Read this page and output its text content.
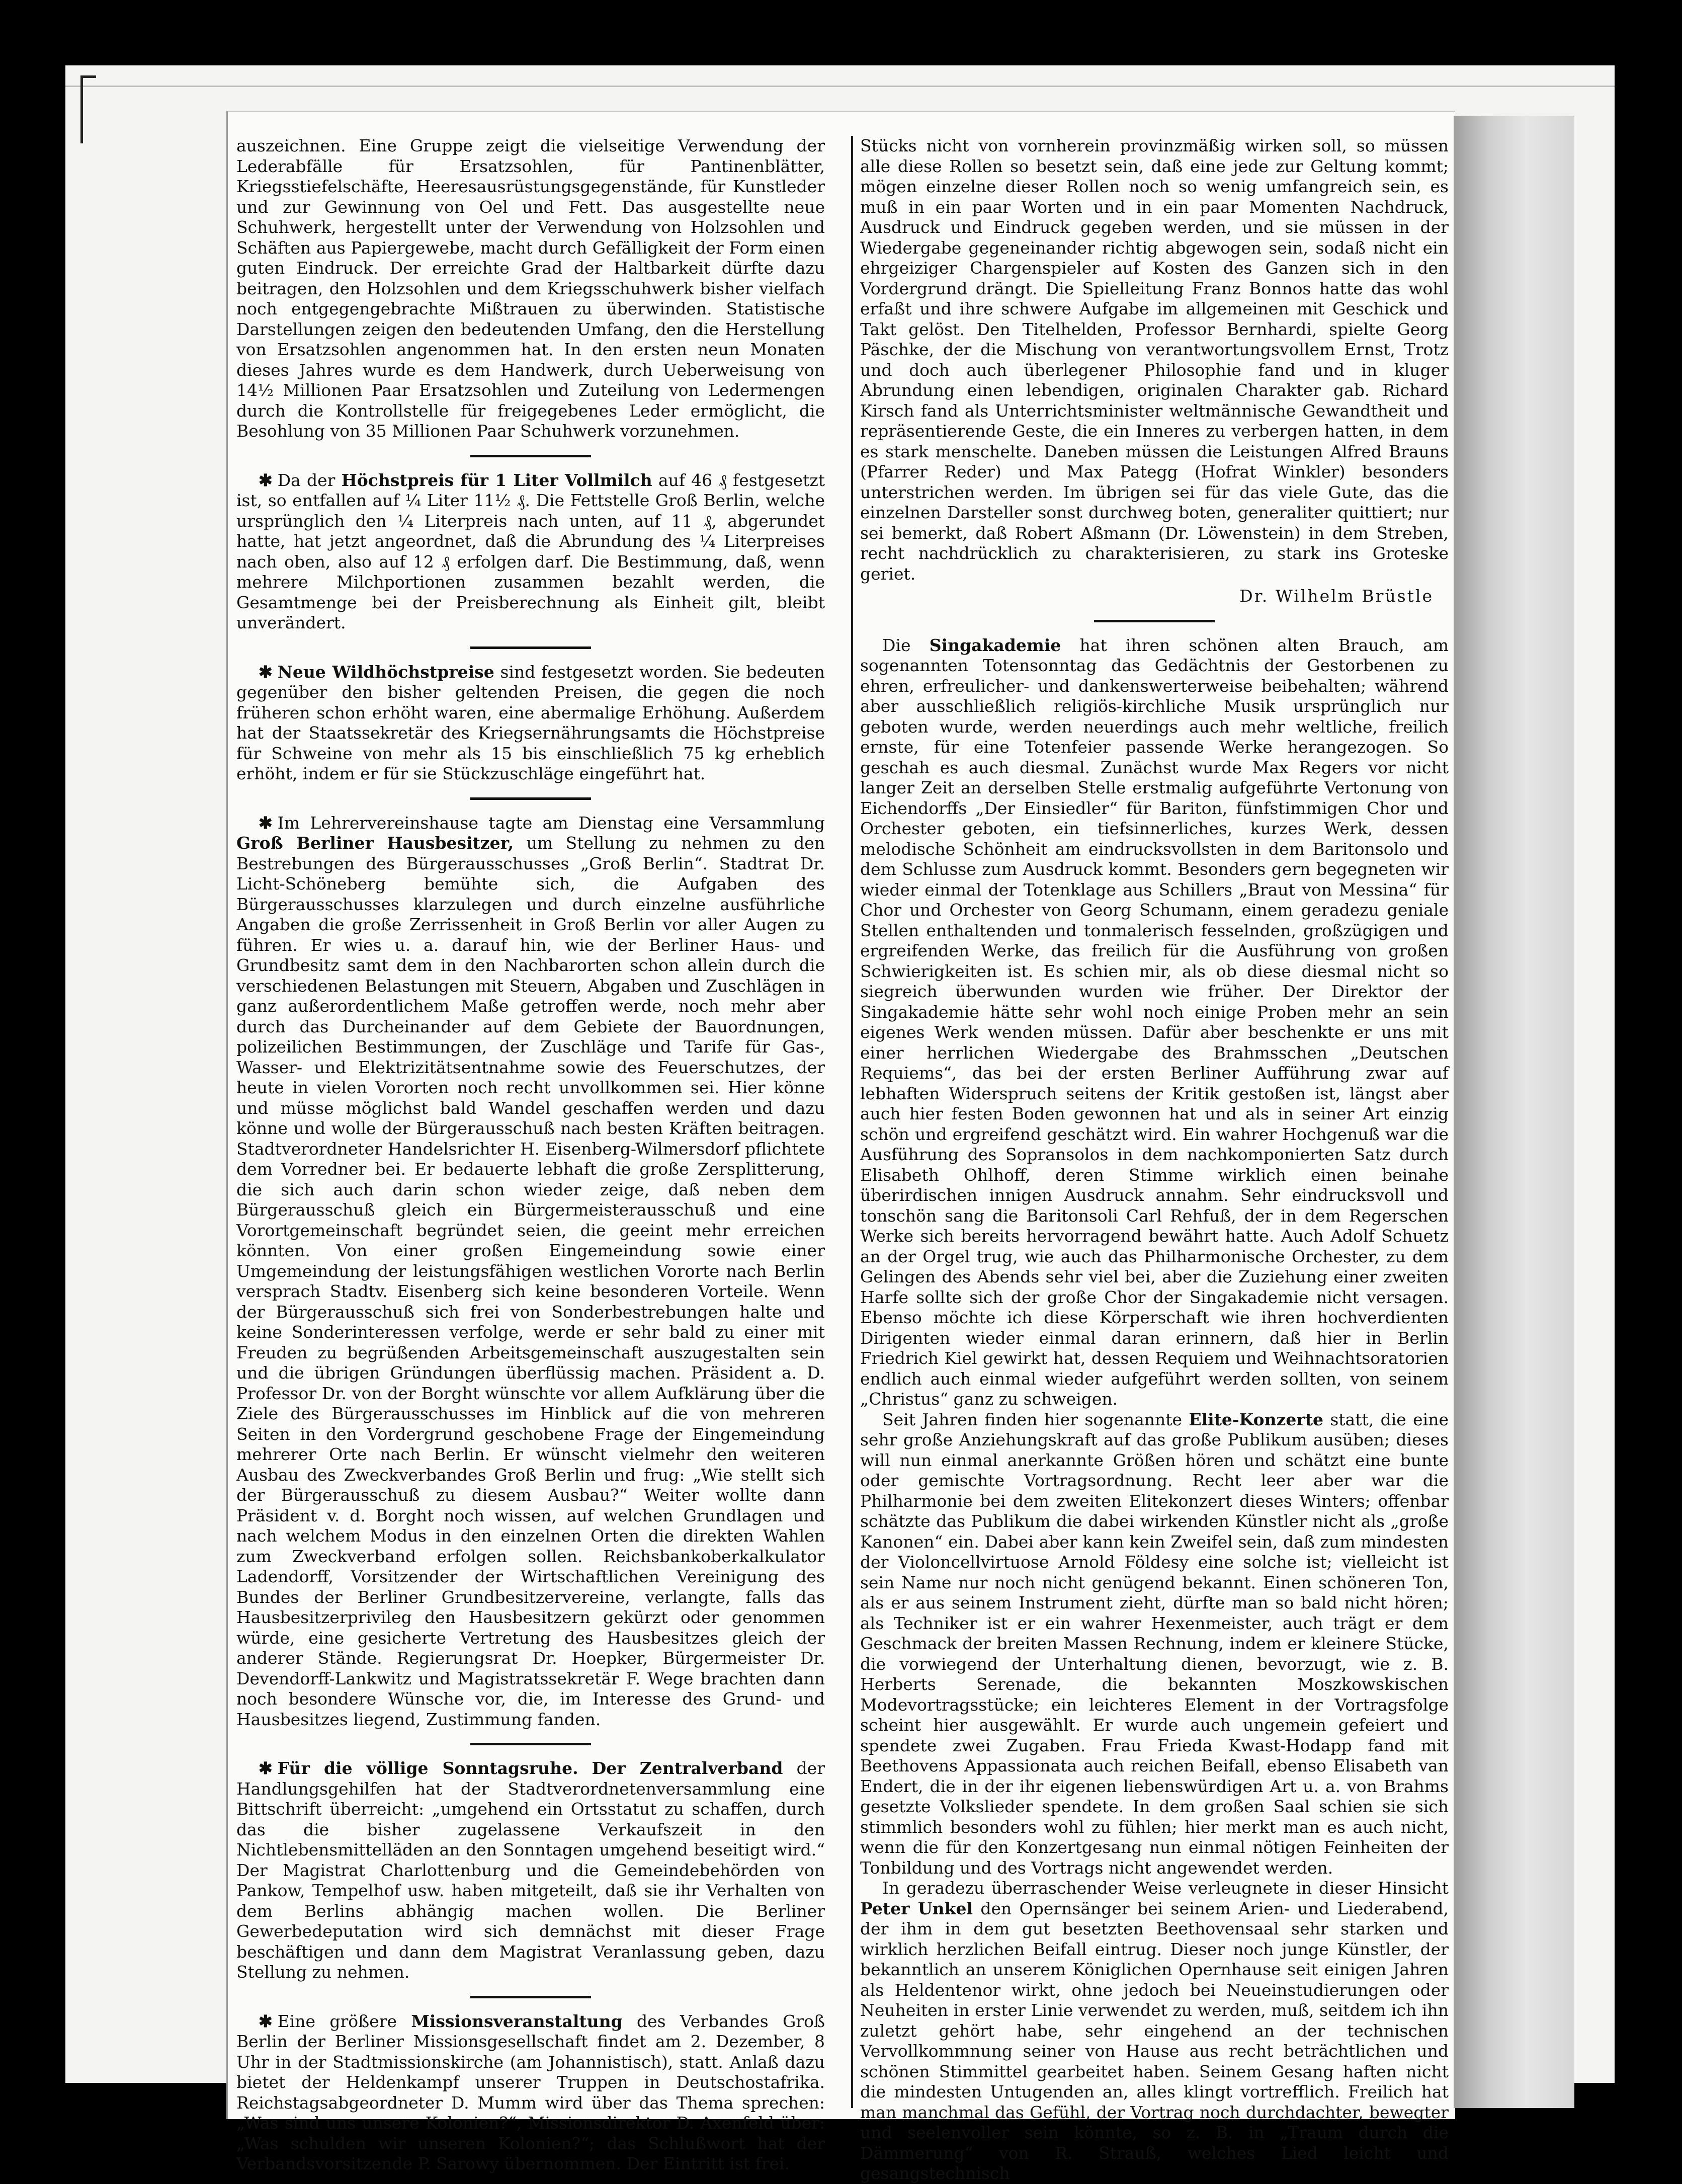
auszeichnen. Eine Gruppe zeigt die vielseitige Verwendung der Lederabfälle für Ersatzsohlen, für Pantinenblätter, Kriegsstiefelschäfte, Heeresausrüstungsgegenstände, für Kunstleder und zur Gewinnung von Oel und Fett. Das ausgestellte neue Schuhwerk, hergestellt unter der Verwendung von Holzsohlen und Schäften aus Papiergewebe, macht durch Gefälligkeit der Form einen guten Eindruck. Der erreichte Grad der Haltbarkeit dürfte dazu beitragen, den Holzsohlen und dem Kriegsschuhwerk bisher vielfach noch entgegengebrachte Mißtrauen zu überwinden. Statistische Darstellungen zeigen den bedeutenden Umfang, den die Herstellung von Ersatzsohlen angenommen hat. In den ersten neun Monaten dieses Jahres wurde es dem Handwerk, durch Ueberweisung von 14½ Millionen Paar Ersatzsohlen und Zuteilung von Ledermengen durch die Kontrollstelle für freigegebenes Leder ermöglicht, die Besohlung von 35 Millionen Paar Schuhwerk vorzunehmen.

✱ Da der Höchstpreis für 1 Liter Vollmilch auf 46 ₰ festgesetzt ist, so entfallen auf ¼ Liter 11½ ₰. Die Fettstelle Groß Berlin, welche ursprünglich den ¼ Literpreis nach unten, auf 11 ₰, abgerundet hatte, hat jetzt angeordnet, daß die Abrundung des ¼ Literpreises nach oben, also auf 12 ₰ erfolgen darf. Die Bestimmung, daß, wenn mehrere Milchportionen zusammen bezahlt werden, die Gesamtmenge bei der Preisberechnung als Einheit gilt, bleibt unverändert.

✱ Neue Wildhöchstpreise sind festgesetzt worden. Sie bedeuten gegenüber den bisher geltenden Preisen, die gegen die noch früheren schon erhöht waren, eine abermalige Erhöhung. Außerdem hat der Staatssekretär des Kriegsernährungsamts die Höchstpreise für Schweine von mehr als 15 bis einschließlich 75 kg erheblich erhöht, indem er für sie Stückzuschläge eingeführt hat.

✱ Im Lehrervereinshause tagte am Dienstag eine Versammlung Groß Berliner Hausbesitzer, um Stellung zu nehmen zu den Bestrebungen des Bürgerausschusses „Groß Berlin“. Stadtrat Dr. Licht-Schöneberg bemühte sich, die Aufgaben des Bürgerausschusses klarzulegen und durch einzelne ausführliche Angaben die große Zerrissenheit in Groß Berlin vor aller Augen zu führen. Er wies u. a. darauf hin, wie der Berliner Haus- und Grundbesitz samt dem in den Nachbarorten schon allein durch die verschiedenen Belastungen mit Steuern, Abgaben und Zuschlägen in ganz außerordentlichem Maße getroffen werde, noch mehr aber durch das Durcheinander auf dem Gebiete der Bauordnungen, polizeilichen Bestimmungen, der Zuschläge und Tarife für Gas-, Wasser- und Elektrizitätsentnahme sowie des Feuerschutzes, der heute in vielen Vororten noch recht unvollkommen sei. Hier könne und müsse möglichst bald Wandel geschaffen werden und dazu könne und wolle der Bürgerausschuß nach besten Kräften beitragen. Stadtverordneter Handelsrichter H. Eisenberg-Wilmersdorf pflichtete dem Vorredner bei. Er bedauerte lebhaft die große Zersplitterung, die sich auch darin schon wieder zeige, daß neben dem Bürgerausschuß gleich ein Bürgermeisterausschuß und eine Vorortgemeinschaft begründet seien, die geeint mehr erreichen könnten. Von einer großen Eingemeindung sowie einer Umgemeindung der leistungsfähigen westlichen Vororte nach Berlin versprach Stadtv. Eisenberg sich keine besonderen Vorteile. Wenn der Bürgerausschuß sich frei von Sonderbestrebungen halte und keine Sonderinteressen verfolge, werde er sehr bald zu einer mit Freuden zu begrüßenden Arbeitsgemeinschaft auszugestalten sein und die übrigen Gründungen überflüssig machen. Präsident a. D. Professor Dr. von der Borght wünschte vor allem Aufklärung über die Ziele des Bürgerausschusses im Hinblick auf die von mehreren Seiten in den Vordergrund geschobene Frage der Eingemeindung mehrerer Orte nach Berlin. Er wünscht vielmehr den weiteren Ausbau des Zweckverbandes Groß Berlin und frug: „Wie stellt sich der Bürgerausschuß zu diesem Ausbau?“ Weiter wollte dann Präsident v. d. Borght noch wissen, auf welchen Grundlagen und nach welchem Modus in den einzelnen Orten die direkten Wahlen zum Zweckverband erfolgen sollen. Reichsbankoberkalkulator Ladendorff, Vorsitzender der Wirtschaftlichen Vereinigung des Bundes der Berliner Grundbesitzervereine, verlangte, falls das Hausbesitzerprivileg den Hausbesitzern gekürzt oder genommen würde, eine gesicherte Vertretung des Hausbesitzes gleich der anderer Stände. Regierungsrat Dr. Hoepker, Bürgermeister Dr. Devendorff-Lankwitz und Magistratssekretär F. Wege brachten dann noch besondere Wünsche vor, die, im Interesse des Grund- und Hausbesitzes liegend, Zustimmung fanden.

✱ Für die völlige Sonntagsruhe. Der Zentralverband der Handlungsgehilfen hat der Stadtverordnetenversammlung eine Bittschrift überreicht: „umgehend ein Ortsstatut zu schaffen, durch das die bisher zugelassene Verkaufszeit in den Nichtlebensmittelläden an den Sonntagen umgehend beseitigt wird.“ Der Magistrat Charlottenburg und die Gemeindebehörden von Pankow, Tempelhof usw. haben mitgeteilt, daß sie ihr Verhalten von dem Berlins abhängig machen wollen. Die Berliner Gewerbedeputation wird sich demnächst mit dieser Frage beschäftigen und dann dem Magistrat Veranlassung geben, dazu Stellung zu nehmen.

✱ Eine größere Missionsveranstaltung des Verbandes Groß Berlin der Berliner Missionsgesellschaft findet am 2. Dezember, 8 Uhr in der Stadtmissionskirche (am Johannistisch), statt. Anlaß dazu bietet der Heldenkampf unserer Truppen in Deutschostafrika. Reichstagsabgeordneter D. Mumm wird über das Thema sprechen: „Was sind uns unsere Kolonien?“, Missionsdirektor D. Axenfeld über: „Was schulden wir unseren Kolonien?“; das Schlußwort hat der Verbandsvorsitzende P. Sarowy übernommen. Der Eintritt ist frei.

Stücks nicht von vornherein provinzmäßig wirken soll, so müssen alle diese Rollen so besetzt sein, daß eine jede zur Geltung kommt; mögen einzelne dieser Rollen noch so wenig umfangreich sein, es muß in ein paar Worten und in ein paar Momenten Nachdruck, Ausdruck und Eindruck gegeben werden, und sie müssen in der Wiedergabe gegeneinander richtig abgewogen sein, sodaß nicht ein ehrgeiziger Chargenspieler auf Kosten des Ganzen sich in den Vordergrund drängt. Die Spielleitung Franz Bonnos hatte das wohl erfaßt und ihre schwere Aufgabe im allgemeinen mit Geschick und Takt gelöst. Den Titelhelden, Professor Bernhardi, spielte Georg Päschke, der die Mischung von verantwortungsvollem Ernst, Trotz und doch auch überlegener Philosophie fand und in kluger Abrundung einen lebendigen, originalen Charakter gab. Richard Kirsch fand als Unterrichtsminister weltmännische Gewandtheit und repräsentierende Geste, die ein Inneres zu verbergen hatten, in dem es stark menschelte. Daneben müssen die Leistungen Alfred Brauns (Pfarrer Reder) und Max Pategg (Hofrat Winkler) besonders unterstrichen werden. Im übrigen sei für das viele Gute, das die einzelnen Darsteller sonst durchweg boten, generaliter quittiert; nur sei bemerkt, daß Robert Aßmann (Dr. Löwenstein) in dem Streben, recht nachdrücklich zu charakterisieren, zu stark ins Groteske geriet.

Dr. Wilhelm Brüstle

Die Singakademie hat ihren schönen alten Brauch, am sogenannten Totensonntag das Gedächtnis der Gestorbenen zu ehren, erfreulicher- und dankenswerterweise beibehalten; während aber ausschließlich religiös-kirchliche Musik ursprünglich nur geboten wurde, werden neuerdings auch mehr weltliche, freilich ernste, für eine Totenfeier passende Werke herangezogen. So geschah es auch diesmal. Zunächst wurde Max Regers vor nicht langer Zeit an derselben Stelle erstmalig aufgeführte Vertonung von Eichendorffs „Der Einsiedler“ für Bariton, fünfstimmigen Chor und Orchester geboten, ein tiefsinnerliches, kurzes Werk, dessen melodische Schönheit am eindrucksvollsten in dem Baritonsolo und dem Schlusse zum Ausdruck kommt. Besonders gern begegneten wir wieder einmal der Totenklage aus Schillers „Braut von Messina“ für Chor und Orchester von Georg Schumann, einem geradezu geniale Stellen enthaltenden und tonmalerisch fesselnden, großzügigen und ergreifenden Werke, das freilich für die Ausführung von großen Schwierigkeiten ist. Es schien mir, als ob diese diesmal nicht so siegreich überwunden wurden wie früher. Der Direktor der Singakademie hätte sehr wohl noch einige Proben mehr an sein eigenes Werk wenden müssen. Dafür aber beschenkte er uns mit einer herrlichen Wiedergabe des Brahmsschen „Deutschen Requiems“, das bei der ersten Berliner Aufführung zwar auf lebhaften Widerspruch seitens der Kritik gestoßen ist, längst aber auch hier festen Boden gewonnen hat und als in seiner Art einzig schön und ergreifend geschätzt wird. Ein wahrer Hochgenuß war die Ausführung des Sopransolos in dem nachkomponierten Satz durch Elisabeth Ohlhoff, deren Stimme wirklich einen beinahe überirdischen innigen Ausdruck annahm. Sehr eindrucksvoll und tonschön sang die Baritonsoli Carl Rehfuß, der in dem Regerschen Werke sich bereits hervorragend bewährt hatte. Auch Adolf Schuetz an der Orgel trug, wie auch das Philharmonische Orchester, zu dem Gelingen des Abends sehr viel bei, aber die Zuziehung einer zweiten Harfe sollte sich der große Chor der Singakademie nicht versagen. Ebenso möchte ich diese Körperschaft wie ihren hochverdienten Dirigenten wieder einmal daran erinnern, daß hier in Berlin Friedrich Kiel gewirkt hat, dessen Requiem und Weihnachtsoratorien endlich auch einmal wieder aufgeführt werden sollten, von seinem „Christus“ ganz zu schweigen.

Seit Jahren finden hier sogenannte Elite-Konzerte statt, die eine sehr große Anziehungskraft auf das große Publikum ausüben; dieses will nun einmal anerkannte Größen hören und schätzt eine bunte oder gemischte Vortragsordnung. Recht leer aber war die Philharmonie bei dem zweiten Elitekonzert dieses Winters; offenbar schätzte das Publikum die dabei wirkenden Künstler nicht als „große Kanonen“ ein. Dabei aber kann kein Zweifel sein, daß zum mindesten der Violoncellvirtuose Arnold Földesy eine solche ist; vielleicht ist sein Name nur noch nicht genügend bekannt. Einen schöneren Ton, als er aus seinem Instrument zieht, dürfte man so bald nicht hören; als Techniker ist er ein wahrer Hexenmeister, auch trägt er dem Geschmack der breiten Massen Rechnung, indem er kleinere Stücke, die vorwiegend der Unterhaltung dienen, bevorzugt, wie z. B. Herberts Serenade, die bekannten Moszkowskischen Modevortragsstücke; ein leichteres Element in der Vortragsfolge scheint hier ausgewählt. Er wurde auch ungemein gefeiert und spendete zwei Zugaben. Frau Frieda Kwast-Hodapp fand mit Beethovens Appassionata auch reichen Beifall, ebenso Elisabeth van Endert, die in der ihr eigenen liebenswürdigen Art u. a. von Brahms gesetzte Volkslieder spendete. In dem großen Saal schien sie sich stimmlich besonders wohl zu fühlen; hier merkt man es auch nicht, wenn die für den Konzertgesang nun einmal nötigen Feinheiten der Tonbildung und des Vortrags nicht angewendet werden.

In geradezu überraschender Weise verleugnete in dieser Hinsicht Peter Unkel den Opernsänger bei seinem Arien- und Liederabend, der ihm in dem gut besetzten Beethovensaal sehr starken und wirklich herzlichen Beifall eintrug. Dieser noch junge Künstler, der bekanntlich an unserem Königlichen Opernhause seit einigen Jahren als Heldentenor wirkt, ohne jedoch bei Neueinstudierungen oder Neuheiten in erster Linie verwendet zu werden, muß, seitdem ich ihn zuletzt gehört habe, sehr eingehend an der technischen Vervollkommnung seiner von Hause aus recht beträchtlichen und schönen Stimmittel gearbeitet haben. Seinem Gesang haften nicht die mindesten Untugenden an, alles klingt vortrefflich. Freilich hat man manchmal das Gefühl, der Vortrag noch durchdachter, bewegter und seelenvoller sein könnte, so z. B. in „Traum durch die Dämmerung“ von R. Strauß, welches Lied leicht und gesangstechnisch
